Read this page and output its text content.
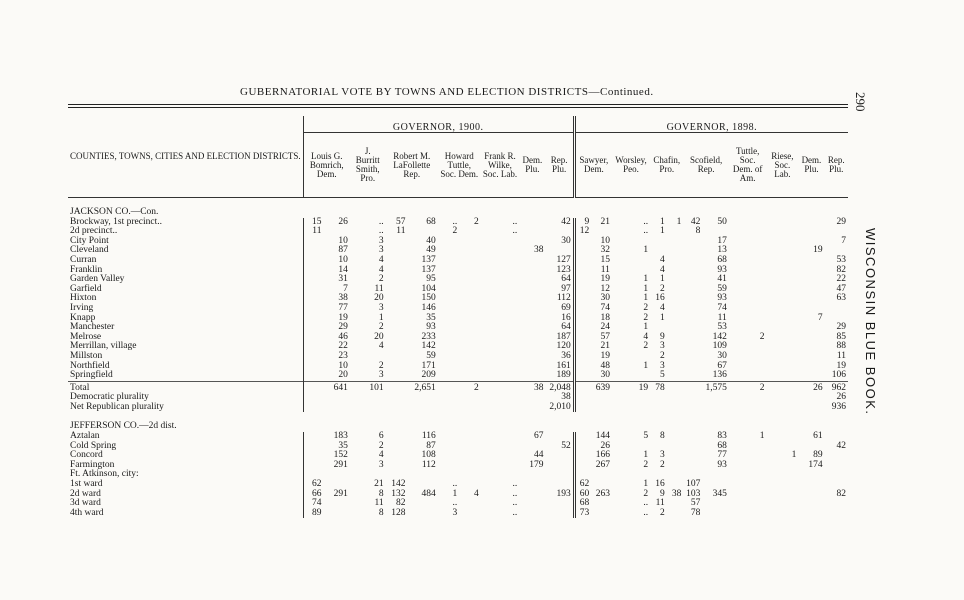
GUBERNATORIAL VOTE BY TOWNS AND ELECTION DISTRICTS—Continued.	290
WISCONSIN BLUE BOOK.
COUNTIES, TOWNS, CITIES AND ELECTION DISTRICTS.	GOVERNOR, 1900.										GOVERNOR, 1898.										
	Louis G. Bomrich, Dem.		J. Burritt Smith, Pro.	Robert M. LaFollette Rep.		Howard Tuttle, Soc. Dem.		Frank R. Wilke, Soc. Lab.	Dem. Plu.	Rep. Plu.	Sawyer, Dem.		Worsley, Peo.	Chafin, Pro.		Scofield, Rep.		Tuttle, Soc. Dem. of Am.	Riese, Soc. Lab.	Dem. Plu.	Rep. Plu.
JACKSON CO.—Con.																					
Brockway, 1st precinct..	15	26	..	57	68	..	2	..		42	9	21	..	1	1	42	50				29
2d precinct..	11		..	11		2		..			12		..	1		8					
City Point		10	3		40					30		10					17				7
Cleveland		87	3		49				38			32	1				13			19	
Curran		10	4		137					127		15		4			68				53
Franklin		14	4		137					123		11		4			93				82
Garden Valley		31	2		95					64		19	1	1			41				22
Garfield		7	11		104					97		12	1	2			59				47
Hixton		38	20		150					112		30	1	16			93				63
Irving		77	3		146					69		74	2	4			74				
Knapp		19	1		35					16		18	2	1			11			7	
Manchester		29	2		93					64		24	1				53				29
Melrose		46	20		233					187		57	4	9			142	2			85
Merrillan, village		22	4		142					120		21	2	3			109				88
Millston		23			59					36		19		2			30				11
Northfield		10	2		171					161		48	1	3			67				19
Springfield		20	3		209					189		30		5			136				106
Total		641	101		2,651		2		38	2,048		639	19	78			1,575	2		26	962
Democratic plurality										38											26
Net Republican plurality										2,010											936
JEFFERSON CO.—2d dist.																					
Aztalan		183	6		116				67			144	5	8			83	1		61	
Cold Spring		35	2		87					52		26					68				42
Concord		152	4		108				44			166	1	3			77		1	89	
Farmington		291	3		112				179			267	2	2			93			174	
Ft. Atkinson, city:																					
1st ward	62		21	142		..		..			62		1	16		107					
2d ward	66	291	8	132	484	1	4	..		193	60	263	2	9	38	103	345				82
3d ward	74		11	82		..		..			68		..	11		57					
4th ward	89		8	128		3		..			73		..	2		78					
